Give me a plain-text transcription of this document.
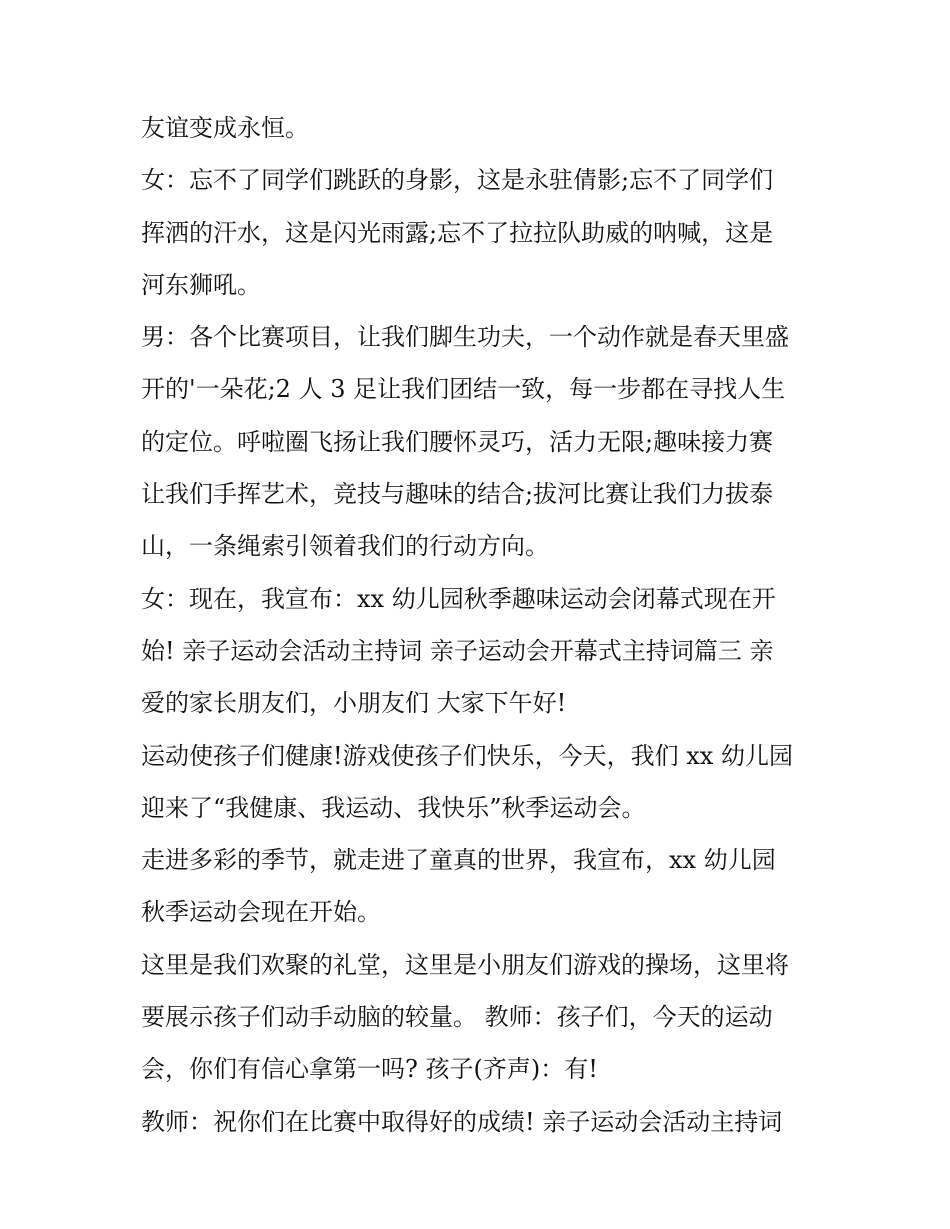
友谊变成永恒。
女：忘不了同学们跳跃的身影，这是永驻倩影;忘不了同学们
挥洒的汗水，这是闪光雨露;忘不了拉拉队助威的呐喊，这是
河东狮吼。
男：各个比赛项目，让我们脚生功夫，一个动作就是春天里盛
开的'一朵花;2 人 3 足让我们团结一致，每一步都在寻找人生
的定位。呼啦圈飞扬让我们腰怀灵巧，活力无限;趣味接力赛
让我们手挥艺术，竞技与趣味的结合;拔河比赛让我们力拔泰
山，一条绳索引领着我们的行动方向。
女：现在，我宣布：xx 幼儿园秋季趣味运动会闭幕式现在开
始! 亲子运动会活动主持词 亲子运动会开幕式主持词篇三 亲
爱的家长朋友们，小朋友们 大家下午好!
运动使孩子们健康!游戏使孩子们快乐，今天，我们 xx 幼儿园
迎来了“我健康、我运动、我快乐”秋季运动会。
走进多彩的季节，就走进了童真的世界，我宣布，xx 幼儿园
秋季运动会现在开始。
这里是我们欢聚的礼堂，这里是小朋友们游戏的操场，这里将
要展示孩子们动手动脑的较量。 教师：孩子们，今天的运动
会，你们有信心拿第一吗? 孩子(齐声)：有!
教师：祝你们在比赛中取得好的成绩! 亲子运动会活动主持词
